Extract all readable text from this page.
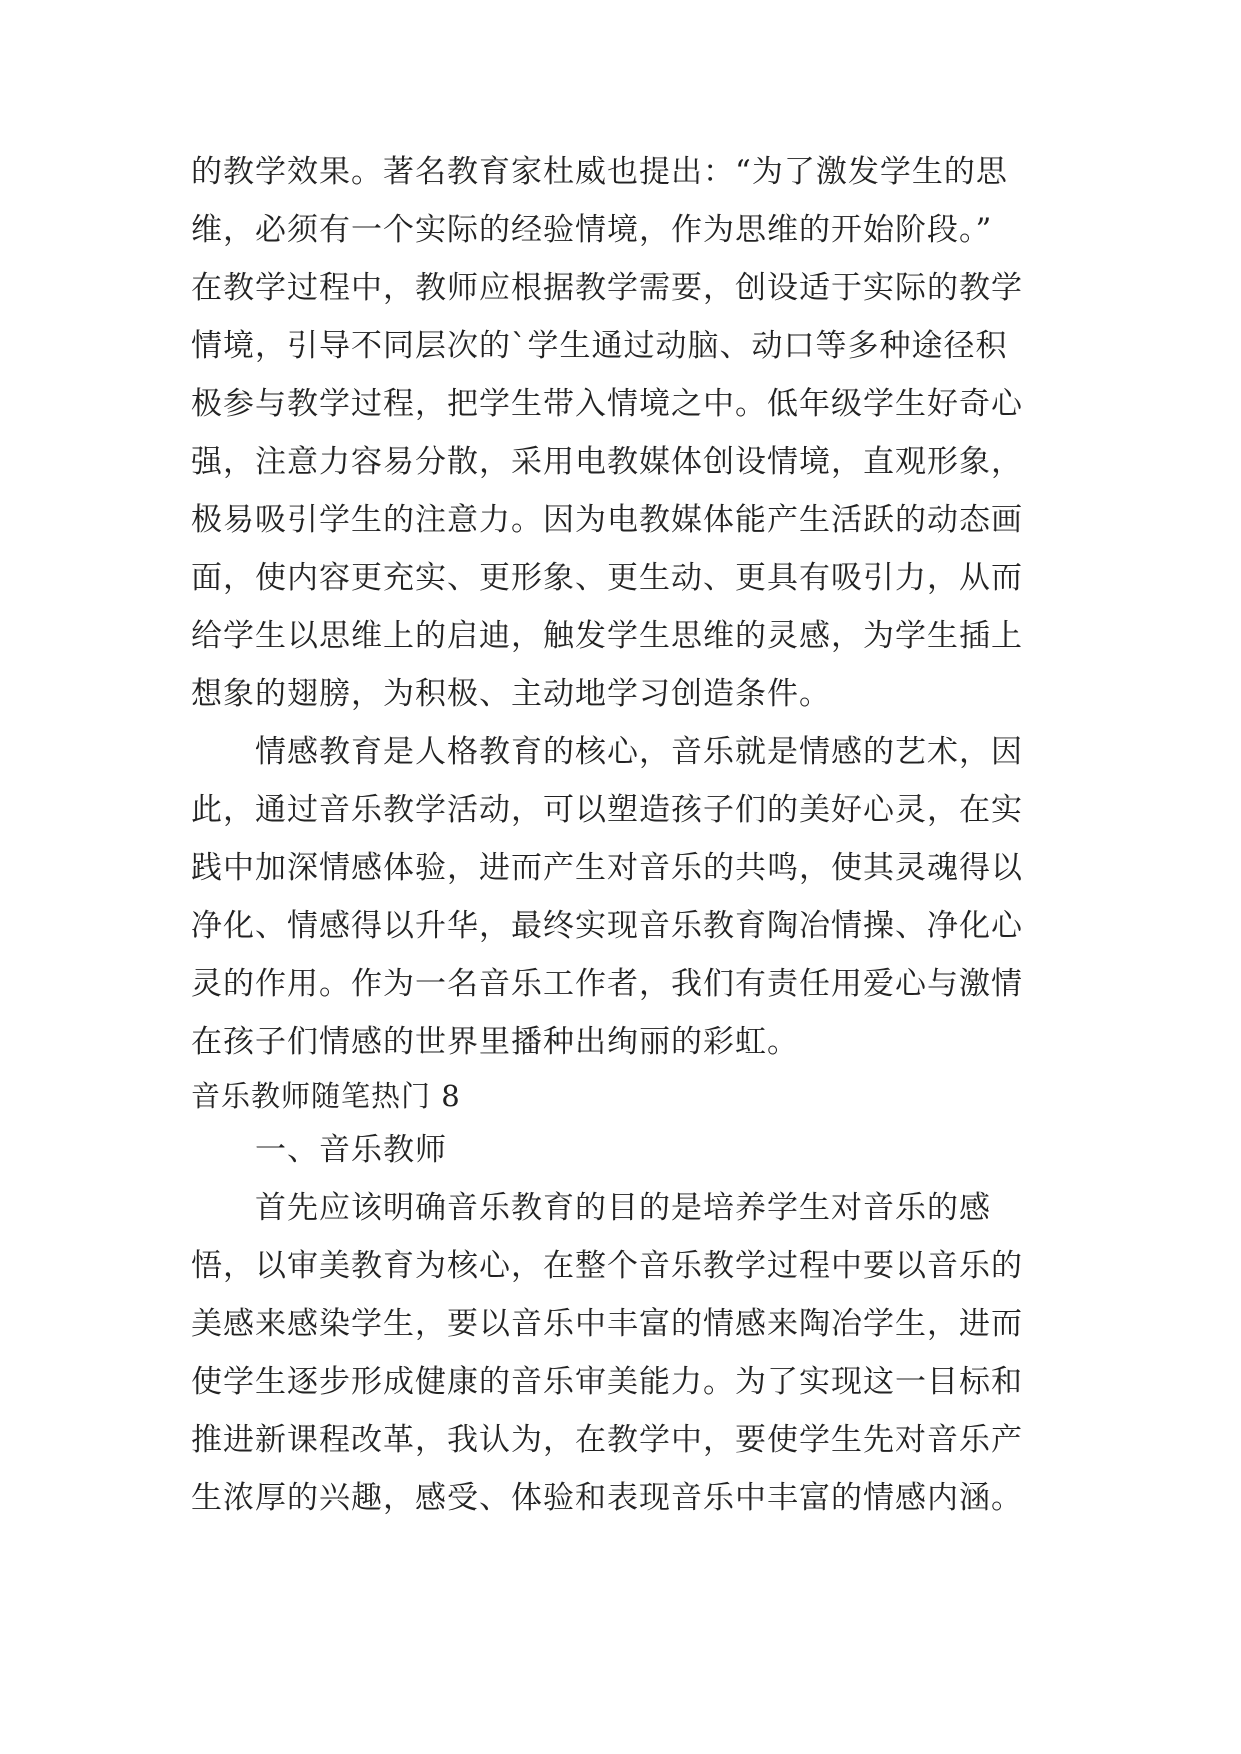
的教学效果。著名教育家杜威也提出：“为了激发学生的思
维，必须有一个实际的经验情境，作为思维的开始阶段。”
在教学过程中，教师应根据教学需要，创设适于实际的教学
情境，引导不同层次的`学生通过动脑、动口等多种途径积
极参与教学过程，把学生带入情境之中。低年级学生好奇心
强，注意力容易分散，采用电教媒体创设情境，直观形象，
极易吸引学生的注意力。因为电教媒体能产生活跃的动态画
面，使内容更充实、更形象、更生动、更具有吸引力，从而
给学生以思维上的启迪，触发学生思维的灵感，为学生插上
想象的翅膀，为积极、主动地学习创造条件。
情感教育是人格教育的核心，音乐就是情感的艺术，因
此，通过音乐教学活动，可以塑造孩子们的美好心灵，在实
践中加深情感体验，进而产生对音乐的共鸣，使其灵魂得以
净化、情感得以升华，最终实现音乐教育陶冶情操、净化心
灵的作用。作为一名音乐工作者，我们有责任用爱心与激情
在孩子们情感的世界里播种出绚丽的彩虹。
音乐教师随笔热门 8
一、音乐教师
首先应该明确音乐教育的目的是培养学生对音乐的感
悟，以审美教育为核心，在整个音乐教学过程中要以音乐的
美感来感染学生，要以音乐中丰富的情感来陶冶学生，进而
使学生逐步形成健康的音乐审美能力。为了实现这一目标和
推进新课程改革，我认为，在教学中，要使学生先对音乐产
生浓厚的兴趣，感受、体验和表现音乐中丰富的情感内涵。
